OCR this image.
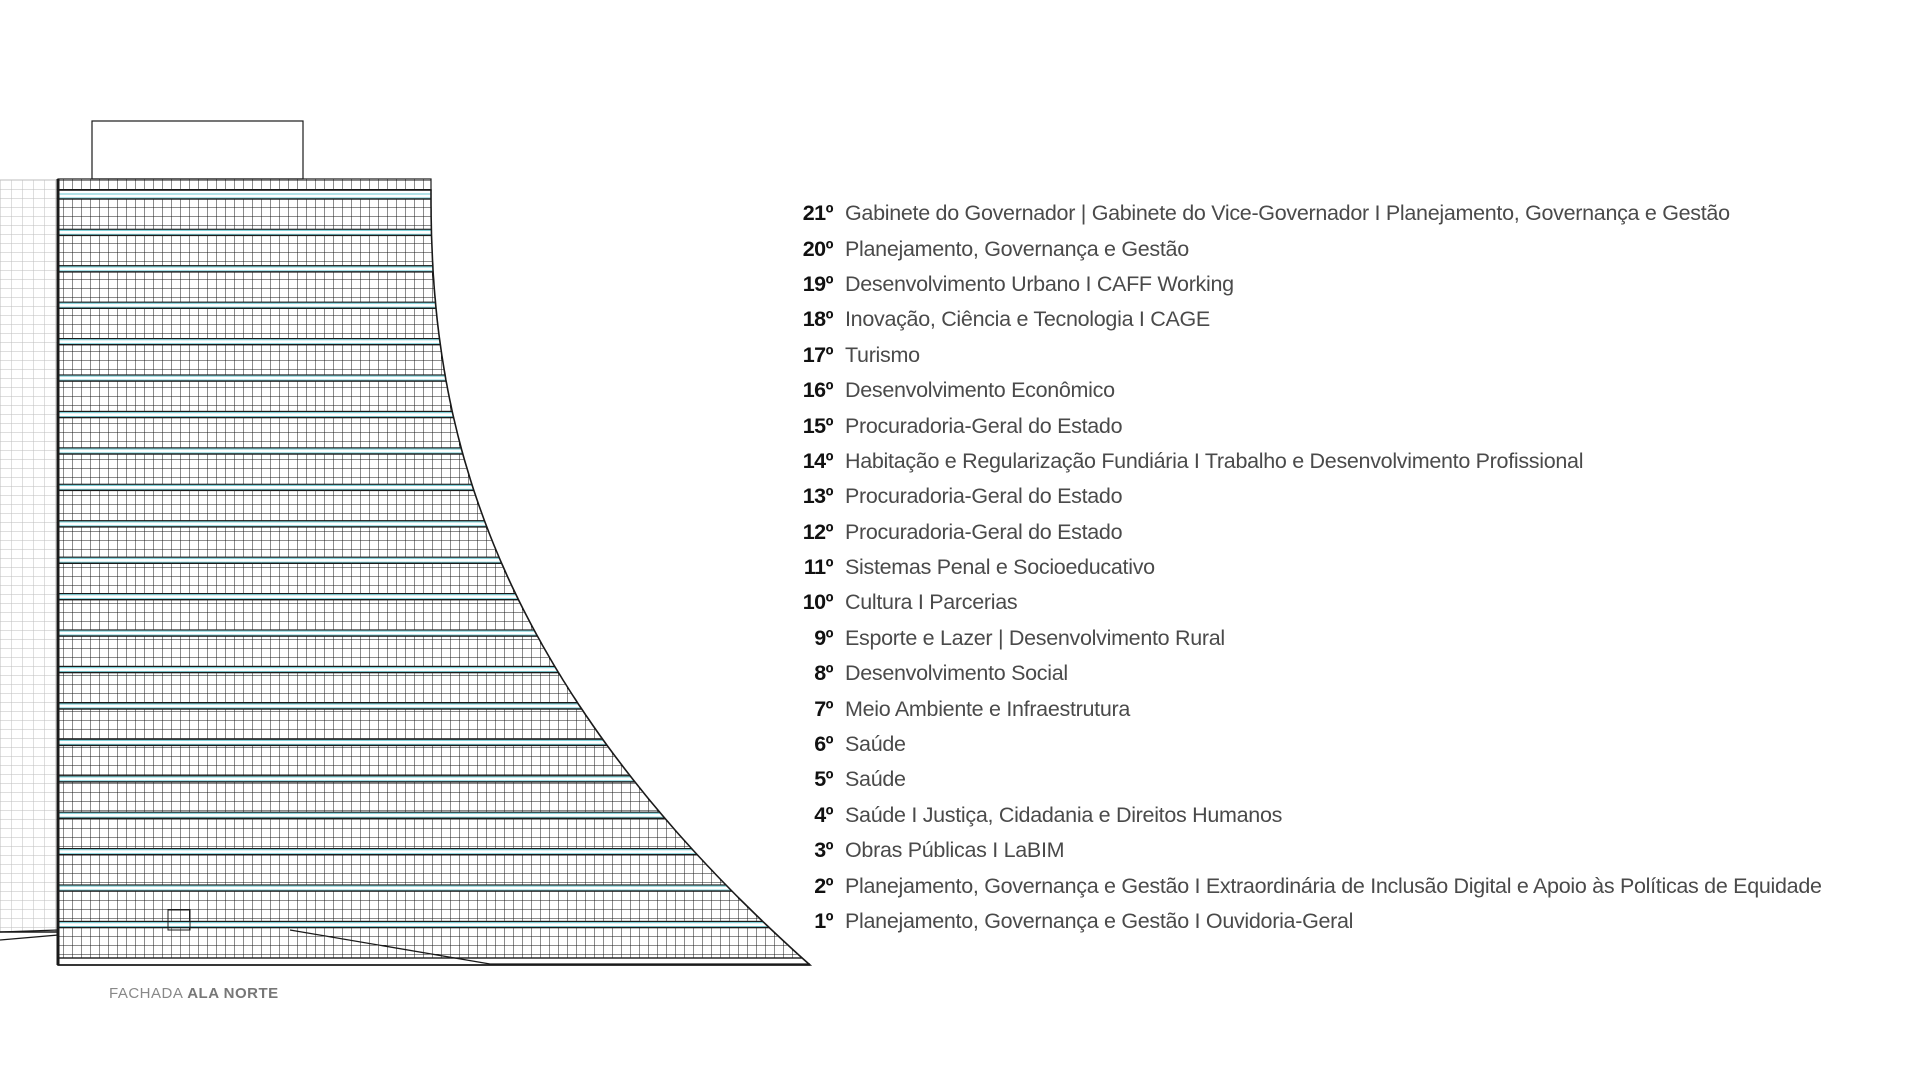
FACHADA ALA NORTE
21º Gabinete do Governador | Gabinete do Vice-Governador I Planejamento, Governança e Gestão
20º Planejamento, Governança e Gestão
19º Desenvolvimento Urbano I CAFF Working
18º Inovação, Ciência e Tecnologia I CAGE
17º Turismo
16º Desenvolvimento Econômico
15º Procuradoria-Geral do Estado
14º Habitação e Regularização Fundiária I Trabalho e Desenvolvimento Profissional
13º Procuradoria-Geral do Estado
12º Procuradoria-Geral do Estado
11º Sistemas Penal e Socioeducativo
10º Cultura I Parcerias
9º Esporte e Lazer | Desenvolvimento Rural
8º Desenvolvimento Social
7º Meio Ambiente e Infraestrutura
6º Saúde
5º Saúde
4º Saúde I Justiça, Cidadania e Direitos Humanos
3º Obras Públicas I LaBIM
2º Planejamento, Governança e Gestão I Extraordinária de Inclusão Digital e Apoio às Políticas de Equidade
1º Planejamento, Governança e Gestão I Ouvidoria-Geral
